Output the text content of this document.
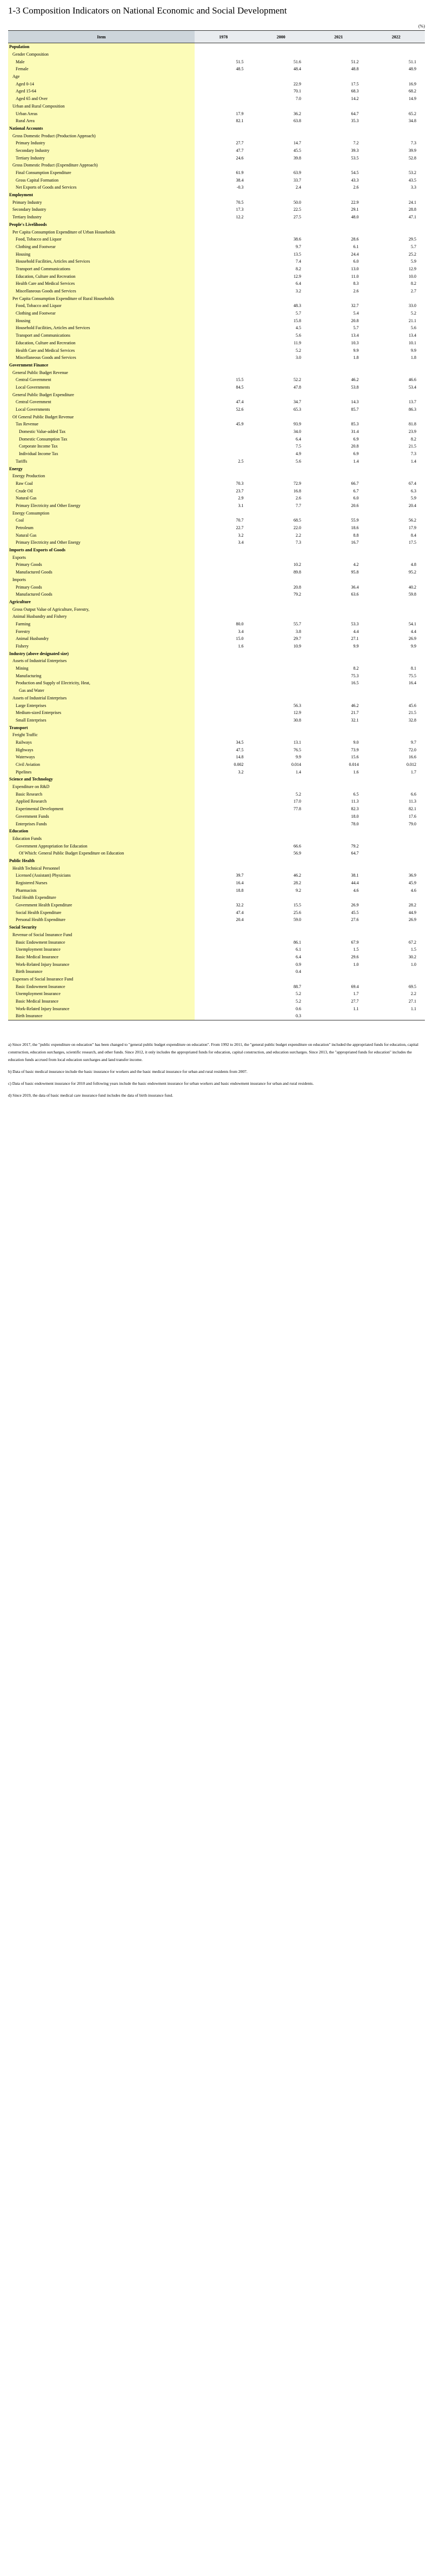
1-3 Composition Indicators on National Economic and Social Development
(%)
Item	1978	2000	2021	2022
Population				
Gender Composition				
Male	51.5	51.6	51.2	51.1
Female	48.5	48.4	48.8	48.9
Age				
Aged 0-14		22.9	17.5	16.9
Aged 15-64		70.1	68.3	68.2
Aged 65 and Over		7.0	14.2	14.9
Urban and Rural Composition				
Urban Areas	17.9	36.2	64.7	65.2
Rural Area	82.1	63.8	35.3	34.8
National Accounts				
Gross Domestic Product (Production Approach)				
Primary Industry	27.7	14.7	7.2	7.3
Secondary Industry	47.7	45.5	39.3	39.9
Tertiary Industry	24.6	39.8	53.5	52.8
Gross Domestic Product (Expenditure Approach)				
Final Consumption Expenditure	61.9	63.9	54.5	53.2
Gross Capital Formation	38.4	33.7	43.3	43.5
Net Exports of Goods and Services	-0.3	2.4	2.6	3.3
Employment				
Primary Industry	70.5	50.0	22.9	24.1
Secondary Industry	17.3	22.5	29.1	28.8
Tertiary Industry	12.2	27.5	48.0	47.1
People's Livelihoods				
Per Capita Consumption Expenditure of Urban Households				
Food, Tobacco and Liquor		38.6	28.6	29.5
Clothing and Footwear		9.7	6.1	5.7
Housing		13.5	24.4	25.2
Household Facilities, Articles and Services		7.4	6.0	5.9
Transport and Communications		8.2	13.0	12.9
Education, Culture and Recreation		12.9	11.0	10.0
Health Care and Medical Services		6.4	8.3	8.2
Miscellaneous Goods and Services		3.2	2.6	2.7
Per Capita Consumption Expenditure of Rural Households				
Food, Tobacco and Liquor		48.3	32.7	33.0
Clothing and Footwear		5.7	5.4	5.2
Housing		15.8	20.8	21.1
Household Facilities, Articles and Services		4.5	5.7	5.6
Transport and Communications		5.6	13.4	13.4
Education, Culture and Recreation		11.9	10.3	10.1
Health Care and Medical Services		5.2	9.9	9.9
Miscellaneous Goods and Services		3.0	1.8	1.8
Government Finance				
General Public Budget Revenue				
Central Government	15.5	52.2	46.2	46.6
Local Governments	84.5	47.8	53.8	53.4
General Public Budget Expenditure				
Central Government	47.4	34.7	14.3	13.7
Local Governments	52.6	65.3	85.7	86.3
Of General Public Budget Revenue				
Tax Revenue	45.9	93.9	85.3	81.8
Domestic Value-added Tax		34.0	31.4	23.9
Domestic Consumption Tax		6.4	6.9	8.2
Corporate Income Tax		7.5	20.8	21.5
Individual Income Tax		4.9	6.9	7.3
Tariffs	2.5	5.6	1.4	1.4
Energy				
Energy Production				
Raw Coal	70.3	72.9	66.7	67.4
Crude Oil	23.7	16.8	6.7	6.3
Natural Gas	2.9	2.6	6.0	5.9
Primary Electricity and Other Energy	3.1	7.7	20.6	20.4
Energy Consumption				
Coal	70.7	68.5	55.9	56.2
Petroleum	22.7	22.0	18.6	17.9
Natural Gas	3.2	2.2	8.8	8.4
Primary Electricity and Other Energy	3.4	7.3	16.7	17.5
Imports and Exports of Goods				
Exports				
Primary Goods		10.2	4.2	4.8
Manufactured Goods		89.8	95.8	95.2
Imports				
Primary Goods		20.8	36.4	40.2
Manufactured Goods		79.2	63.6	59.8
Agriculture				
Gross Output Value of Agriculture, Forestry,				
Animal Husbandry and Fishery				
Farming	80.0	55.7	53.3	54.1
Forestry	3.4	3.8	4.4	4.4
Animal Husbandry	15.0	29.7	27.1	26.9
Fishery	1.6	10.9	9.9	9.9
Industry (above designated size)				
Assets of Industrial Enterprises				
Mining			8.2	8.1
Manufacturing			75.3	75.5
Production and Supply of Electricity, Heat,			16.5	16.4
Gas and Water				
Assets of Industrial Enterprises				
Large Enterprises		56.3	46.2	45.6
Medium-sized Enterprises		12.9	21.7	21.5
Small Enterprises		30.8	32.1	32.8
Transport				
Freight Traffic				
Railways	34.5	13.1	9.0	9.7
Highways	47.5	76.5	73.9	72.0
Waterways	14.8	9.9	15.6	16.6
Civil Aviation	0.002	0.014	0.014	0.012
Pipelines	3.2	1.4	1.6	1.7
Science and Technology				
Expenditure on R&D				
Basic Research		5.2	6.5	6.6
Applied Research		17.0	11.3	11.3
Experimental Development		77.8	82.3	82.1
Government Funds			18.0	17.6
Enterprises Funds			78.0	79.0
Education				
Education Funds				
Government Appropriation for Education		66.6	79.2	
Of Which: General Public Budget Expenditure on Education		56.9	64.7	
Public Health				
Health Technical Personnel				
Licensed (Assistant) Physicians	39.7	46.2	38.1	36.9
Registered Nurses	16.4	28.2	44.4	45.9
Pharmacists	18.8	9.2	4.6	4.6
Total Health Expenditure				
Government Health Expenditure	32.2	15.5	26.9	28.2
Social Health Expenditure	47.4	25.6	45.5	44.9
Personal Health Expenditure	20.4	59.0	27.6	26.9
Social Security				
Revenue of Social Insurance Fund				
Basic Endowment Insurance		86.1	67.9	67.2
Unemployment Insurance		6.1	1.5	1.5
Basic Medical Insurance		6.4	29.6	30.2
Work-Related Injury Insurance		0.9	1.0	1.0
Birth Insurance		0.4		
Expenses of Social Insurance Fund				
Basic Endowment Insurance		88.7	69.4	69.5
Unemployment Insurance		5.2	1.7	2.2
Basic Medical Insurance		5.2	27.7	27.1
Work-Related Injury Insurance		0.6	1.1	1.1
Birth Insurance		0.3		
a) Since 2017, the "public expenditure on education" has been changed to "general public budget expenditure on education". From 1992 to 2011, the "general public budget expenditure on education" included the appropriated funds for education, capital construction, education surcharges, scientific research, and other funds. Since 2012, it only includes the appropriated funds for education, capital construction, and education surcharges. Since 2013, the "appropriated funds for education" includes the education funds accrued from local education surcharges and land transfer income.
b) Data of basic medical insurance include the basic insurance for workers and the basic medical insurance for urban and rural residents from 2007.
c) Data of basic endowment insurance for 2010 and following years include the basic endowment insurance for urban workers and basic endowment insurance for urban and rural residents.
d) Since 2019, the data of basic medical care insurance fund includes the data of birth insurance fund.
